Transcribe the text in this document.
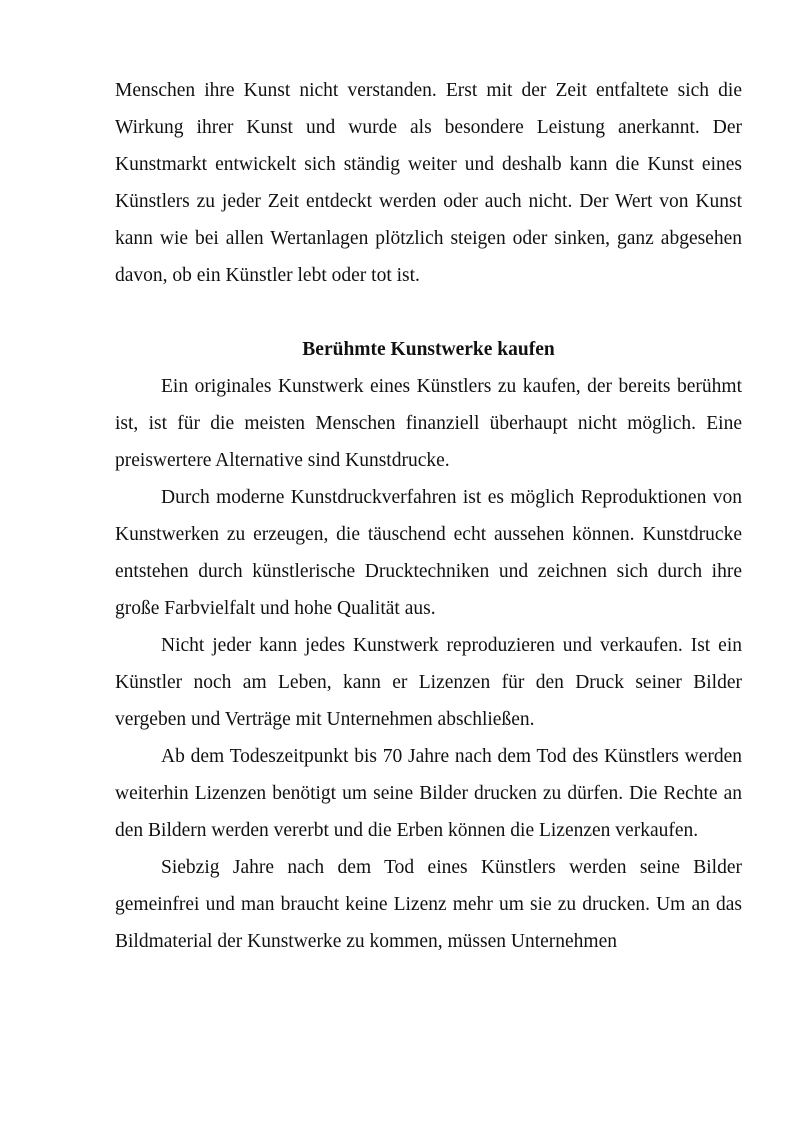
Menschen ihre Kunst nicht verstanden. Erst mit der Zeit entfaltete sich die Wirkung ihrer Kunst und wurde als besondere Leistung anerkannt. Der Kunstmarkt entwickelt sich ständig weiter und deshalb kann die Kunst eines Künstlers zu jeder Zeit entdeckt werden oder auch nicht. Der Wert von Kunst kann wie bei allen Wertanlagen plötzlich steigen oder sinken, ganz abgesehen davon, ob ein Künstler lebt oder tot ist.

Berühmte Kunstwerke kaufen

Ein originales Kunstwerk eines Künstlers zu kaufen, der bereits berühmt ist, ist für die meisten Menschen finanziell überhaupt nicht möglich. Eine preiswertere Alternative sind Kunstdrucke.

Durch moderne Kunstdruckverfahren ist es möglich Reproduktionen von Kunstwerken zu erzeugen, die täuschend echt aussehen können. Kunstdrucke entstehen durch künstlerische Drucktechniken und zeichnen sich durch ihre große Farbvielfalt und hohe Qualität aus.

Nicht jeder kann jedes Kunstwerk reproduzieren und verkaufen. Ist ein Künstler noch am Leben, kann er Lizenzen für den Druck seiner Bilder vergeben und Verträge mit Unternehmen abschließen.

Ab dem Todeszeitpunkt bis 70 Jahre nach dem Tod des Künstlers werden weiterhin Lizenzen benötigt um seine Bilder drucken zu dürfen. Die Rechte an den Bildern werden vererbt und die Erben können die Lizenzen verkaufen.

Siebzig Jahre nach dem Tod eines Künstlers werden seine Bilder gemeinfrei und man braucht keine Lizenz mehr um sie zu drucken. Um an das Bildmaterial der Kunstwerke zu kommen, müssen Unternehmen
